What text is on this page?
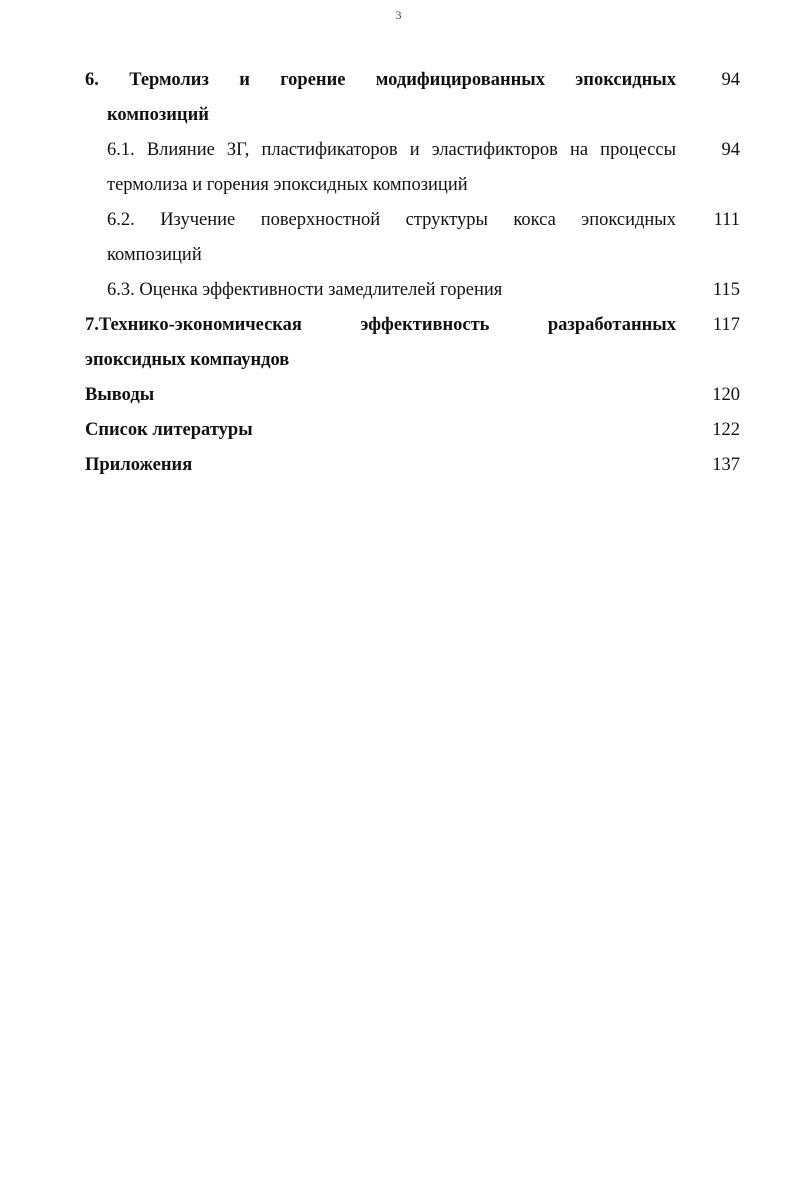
3
6. Термолиз и горение модифицированных эпоксидных
композиций
94
6.1. Влияние ЗГ, пластификаторов и эластификторов на процессы
термолиза и горения эпоксидных композиций
94
6.2. Изучение поверхностной структуры кокса эпоксидных
композиций
111
6.3. Оценка эффективности замедлителей горения	115
7.Технико-экономическая эффективность разработанных
эпоксидных компаундов
117
Выводы	120
Список литературы	122
Приложения	137
